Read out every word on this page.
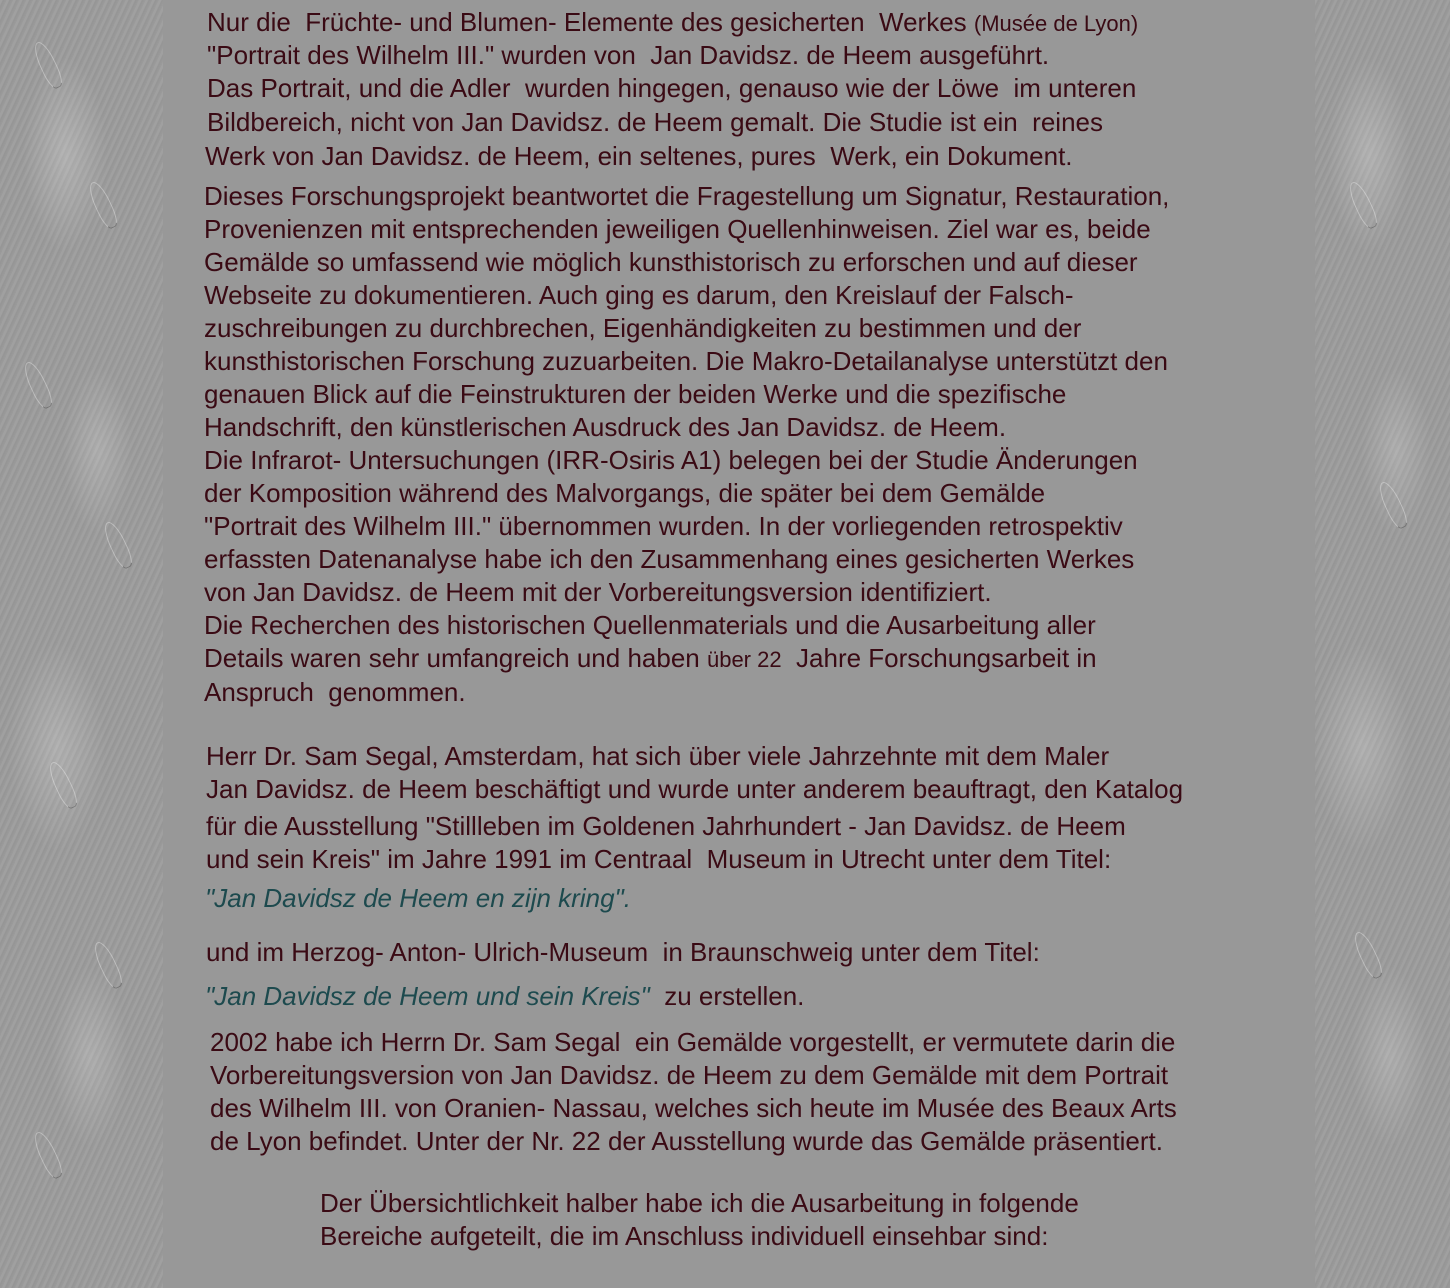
Nur die  Früchte- und Blumen- Elemente des gesicherten  Werkes (Musée de Lyon)

"Portrait des Wilhelm III." wurden von  Jan Davidsz. de Heem ausgeführt.

Das Portrait, und die Adler  wurden hingegen, genauso wie der Löwe  im unteren

Bildbereich, nicht von Jan Davidsz. de Heem gemalt. Die Studie ist ein  reines

Werk von Jan Davidsz. de Heem, ein seltenes, pures  Werk, ein Dokument.

Dieses Forschungsprojekt beantwortet die Fragestellung um Signatur, Restauration,

Provenienzen mit entsprechenden jeweiligen Quellenhinweisen. Ziel war es, beide

Gemälde so umfassend wie möglich kunsthistorisch zu erforschen und auf dieser

Webseite zu dokumentieren. Auch ging es darum, den Kreislauf der Falsch-

zuschreibungen zu durchbrechen, Eigenhändigkeiten zu bestimmen und der

kunsthistorischen Forschung zuzuarbeiten. Die Makro-Detailanalyse unterstützt den

genauen Blick auf die Feinstrukturen der beiden Werke und die spezifische

Handschrift, den künstlerischen Ausdruck des Jan Davidsz. de Heem.

Die Infrarot- Untersuchungen (IRR-Osiris A1) belegen bei der Studie Änderungen

der Komposition während des Malvorgangs, die später bei dem Gemälde

"Portrait des Wilhelm III." übernommen wurden. In der vorliegenden retrospektiv

erfassten Datenanalyse habe ich den Zusammenhang eines gesicherten Werkes

von Jan Davidsz. de Heem mit der Vorbereitungsversion identifiziert.

Die Recherchen des historischen Quellenmaterials und die Ausarbeitung aller

Details waren sehr umfangreich und haben über 22  Jahre Forschungsarbeit in

Anspruch  genommen.

Herr Dr. Sam Segal, Amsterdam, hat sich über viele Jahrzehnte mit dem Maler

Jan Davidsz. de Heem beschäftigt und wurde unter anderem beauftragt, den Katalog

für die Ausstellung "Stillleben im Goldenen Jahrhundert - Jan Davidsz. de Heem

und sein Kreis" im Jahre 1991 im Centraal  Museum in Utrecht unter dem Titel:

"Jan Davidsz de Heem en zijn kring".

und im Herzog- Anton- Ulrich-Museum  in Braunschweig unter dem Titel:

"Jan Davidsz de Heem und sein Kreis"  zu erstellen.

2002 habe ich Herrn Dr. Sam Segal  ein Gemälde vorgestellt, er vermutete darin die

Vorbereitungsversion von Jan Davidsz. de Heem zu dem Gemälde mit dem Portrait

des Wilhelm III. von Oranien- Nassau, welches sich heute im Musée des Beaux Arts

de Lyon befindet. Unter der Nr. 22 der Ausstellung wurde das Gemälde präsentiert.

Der Übersichtlichkeit halber habe ich die Ausarbeitung in folgende

Bereiche aufgeteilt, die im Anschluss individuell einsehbar sind:
